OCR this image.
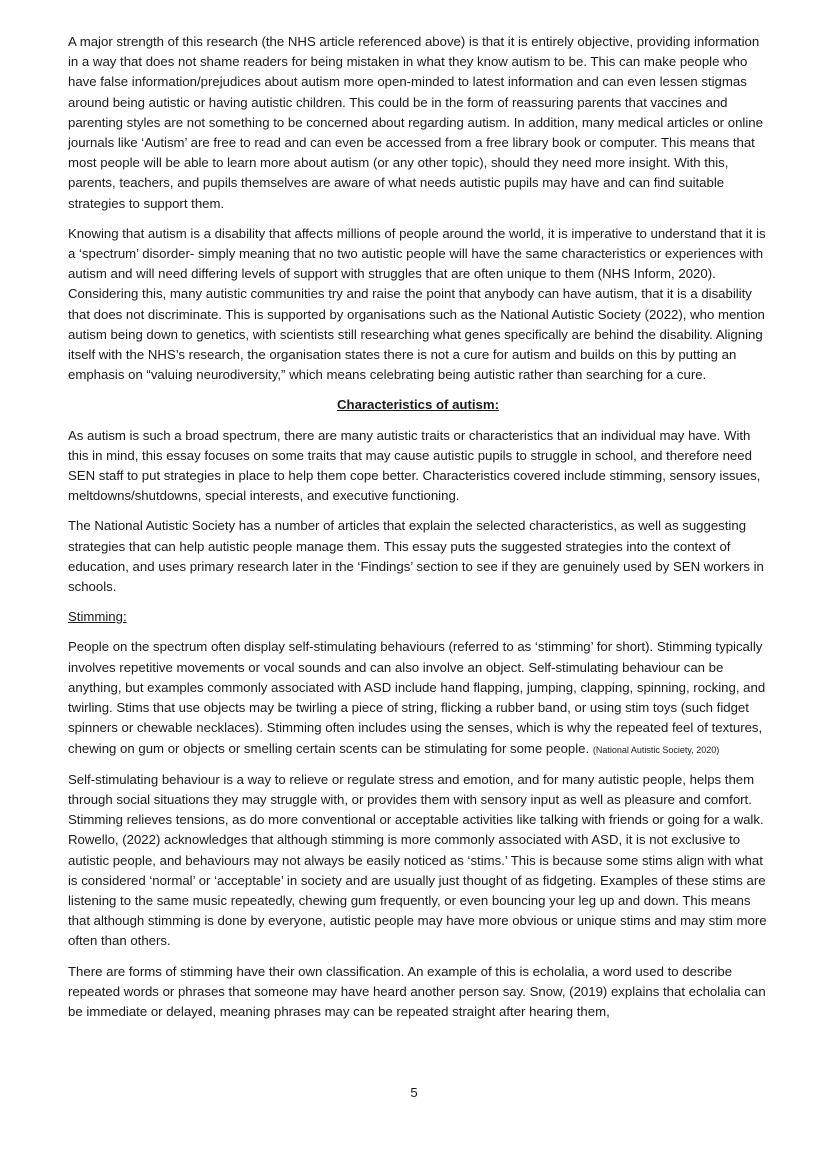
A major strength of this research (the NHS article referenced above) is that it is entirely objective, providing information in a way that does not shame readers for being mistaken in what they know autism to be. This can make people who have false information/prejudices about autism more open-minded to latest information and can even lessen stigmas around being autistic or having autistic children. This could be in the form of reassuring parents that vaccines and parenting styles are not something to be concerned about regarding autism. In addition, many medical articles or online journals like ‘Autism’ are free to read and can even be accessed from a free library book or computer. This means that most people will be able to learn more about autism (or any other topic), should they need more insight. With this, parents, teachers, and pupils themselves are aware of what needs autistic pupils may have and can find suitable strategies to support them.

Knowing that autism is a disability that affects millions of people around the world, it is imperative to understand that it is a ‘spectrum’ disorder- simply meaning that no two autistic people will have the same characteristics or experiences with autism and will need differing levels of support with struggles that are often unique to them (NHS Inform, 2020). Considering this, many autistic communities try and raise the point that anybody can have autism, that it is a disability that does not discriminate. This is supported by organisations such as the National Autistic Society (2022), who mention autism being down to genetics, with scientists still researching what genes specifically are behind the disability. Aligning itself with the NHS’s research, the organisation states there is not a cure for autism and builds on this by putting an emphasis on “valuing neurodiversity,” which means celebrating being autistic rather than searching for a cure.

Characteristics of autism:

As autism is such a broad spectrum, there are many autistic traits or characteristics that an individual may have. With this in mind, this essay focuses on some traits that may cause autistic pupils to struggle in school, and therefore need SEN staff to put strategies in place to help them cope better. Characteristics covered include stimming, sensory issues, meltdowns/shutdowns, special interests, and executive functioning.

The National Autistic Society has a number of articles that explain the selected characteristics, as well as suggesting strategies that can help autistic people manage them. This essay puts the suggested strategies into the context of education, and uses primary research later in the ‘Findings’ section to see if they are genuinely used by SEN workers in schools.

Stimming:

People on the spectrum often display self-stimulating behaviours (referred to as ‘stimming’ for short). Stimming typically involves repetitive movements or vocal sounds and can also involve an object. Self-stimulating behaviour can be anything, but examples commonly associated with ASD include hand flapping, jumping, clapping, spinning, rocking, and twirling. Stims that use objects may be twirling a piece of string, flicking a rubber band, or using stim toys (such fidget spinners or chewable necklaces). Stimming often includes using the senses, which is why the repeated feel of textures, chewing on gum or objects or smelling certain scents can be stimulating for some people. (National Autistic Society, 2020)

Self-stimulating behaviour is a way to relieve or regulate stress and emotion, and for many autistic people, helps them through social situations they may struggle with, or provides them with sensory input as well as pleasure and comfort. Stimming relieves tensions, as do more conventional or acceptable activities like talking with friends or going for a walk. Rowello, (2022) acknowledges that although stimming is more commonly associated with ASD, it is not exclusive to autistic people, and behaviours may not always be easily noticed as ‘stims.’ This is because some stims align with what is considered ‘normal’ or ‘acceptable’ in society and are usually just thought of as fidgeting. Examples of these stims are listening to the same music repeatedly, chewing gum frequently, or even bouncing your leg up and down. This means that although stimming is done by everyone, autistic people may have more obvious or unique stims and may stim more often than others.

There are forms of stimming have their own classification. An example of this is echolalia, a word used to describe repeated words or phrases that someone may have heard another person say. Snow, (2019) explains that echolalia can be immediate or delayed, meaning phrases may can be repeated straight after hearing them,

5
